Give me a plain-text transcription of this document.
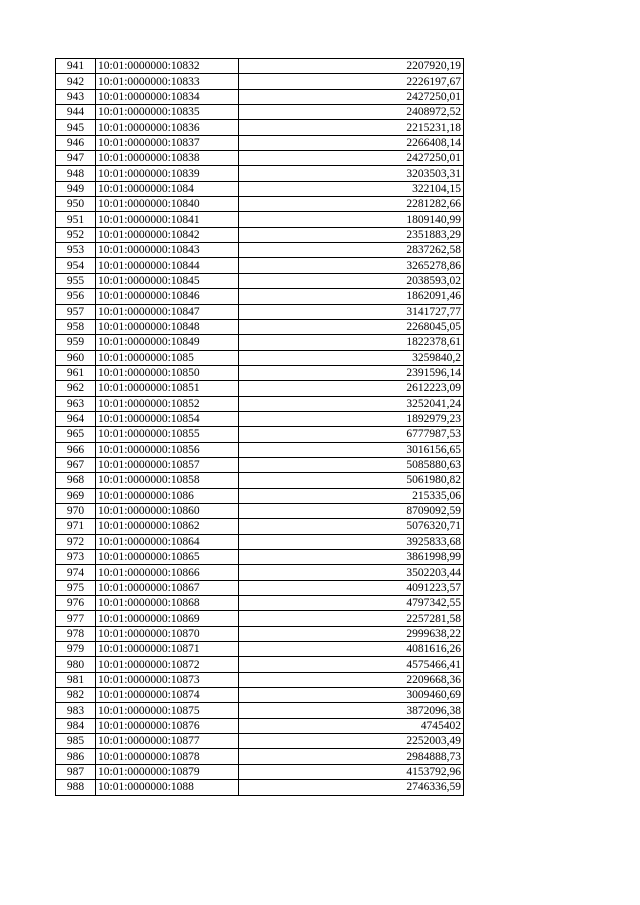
941	10:01:0000000:10832	2207920,19
942	10:01:0000000:10833	2226197,67
943	10:01:0000000:10834	2427250,01
944	10:01:0000000:10835	2408972,52
945	10:01:0000000:10836	2215231,18
946	10:01:0000000:10837	2266408,14
947	10:01:0000000:10838	2427250,01
948	10:01:0000000:10839	3203503,31
949	10:01:0000000:1084	322104,15
950	10:01:0000000:10840	2281282,66
951	10:01:0000000:10841	1809140,99
952	10:01:0000000:10842	2351883,29
953	10:01:0000000:10843	2837262,58
954	10:01:0000000:10844	3265278,86
955	10:01:0000000:10845	2038593,02
956	10:01:0000000:10846	1862091,46
957	10:01:0000000:10847	3141727,77
958	10:01:0000000:10848	2268045,05
959	10:01:0000000:10849	1822378,61
960	10:01:0000000:1085	3259840,2
961	10:01:0000000:10850	2391596,14
962	10:01:0000000:10851	2612223,09
963	10:01:0000000:10852	3252041,24
964	10:01:0000000:10854	1892979,23
965	10:01:0000000:10855	6777987,53
966	10:01:0000000:10856	3016156,65
967	10:01:0000000:10857	5085880,63
968	10:01:0000000:10858	5061980,82
969	10:01:0000000:1086	215335,06
970	10:01:0000000:10860	8709092,59
971	10:01:0000000:10862	5076320,71
972	10:01:0000000:10864	3925833,68
973	10:01:0000000:10865	3861998,99
974	10:01:0000000:10866	3502203,44
975	10:01:0000000:10867	4091223,57
976	10:01:0000000:10868	4797342,55
977	10:01:0000000:10869	2257281,58
978	10:01:0000000:10870	2999638,22
979	10:01:0000000:10871	4081616,26
980	10:01:0000000:10872	4575466,41
981	10:01:0000000:10873	2209668,36
982	10:01:0000000:10874	3009460,69
983	10:01:0000000:10875	3872096,38
984	10:01:0000000:10876	4745402
985	10:01:0000000:10877	2252003,49
986	10:01:0000000:10878	2984888,73
987	10:01:0000000:10879	4153792,96
988	10:01:0000000:1088	2746336,59
